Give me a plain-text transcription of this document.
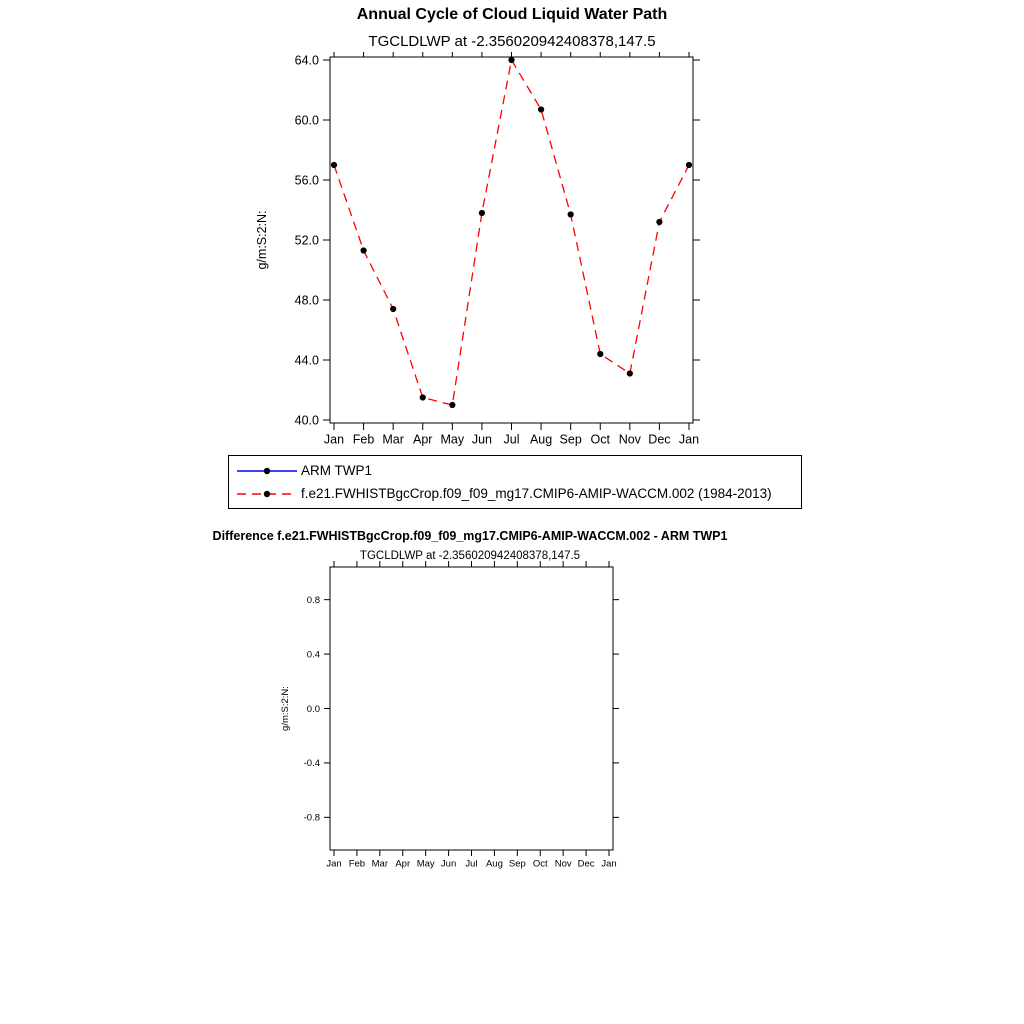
Annual Cycle of Cloud Liquid Water Path
TGCLDLWP at -2.356020942408378,147.5
40.0
44.0
48.0
52.0
56.0
60.0
64.0
Jan Feb Mar Apr May Jun Jul Aug Sep Oct Nov Dec Jan
g/m:S:2:N:
ARM TWP1
f.e21.FWHISTBgcCrop.f09_f09_mg17.CMIP6-AMIP-WACCM.002 (1984-2013)
Difference f.e21.FWHISTBgcCrop.f09_f09_mg17.CMIP6-AMIP-WACCM.002 - ARM TWP1
TGCLDLWP at -2.356020942408378,147.5
-0.8
-0.4
0.0
0.4
0.8
Jan Feb Mar Apr May Jun Jul Aug Sep Oct Nov Dec Jan
g/m:S:2:N:
